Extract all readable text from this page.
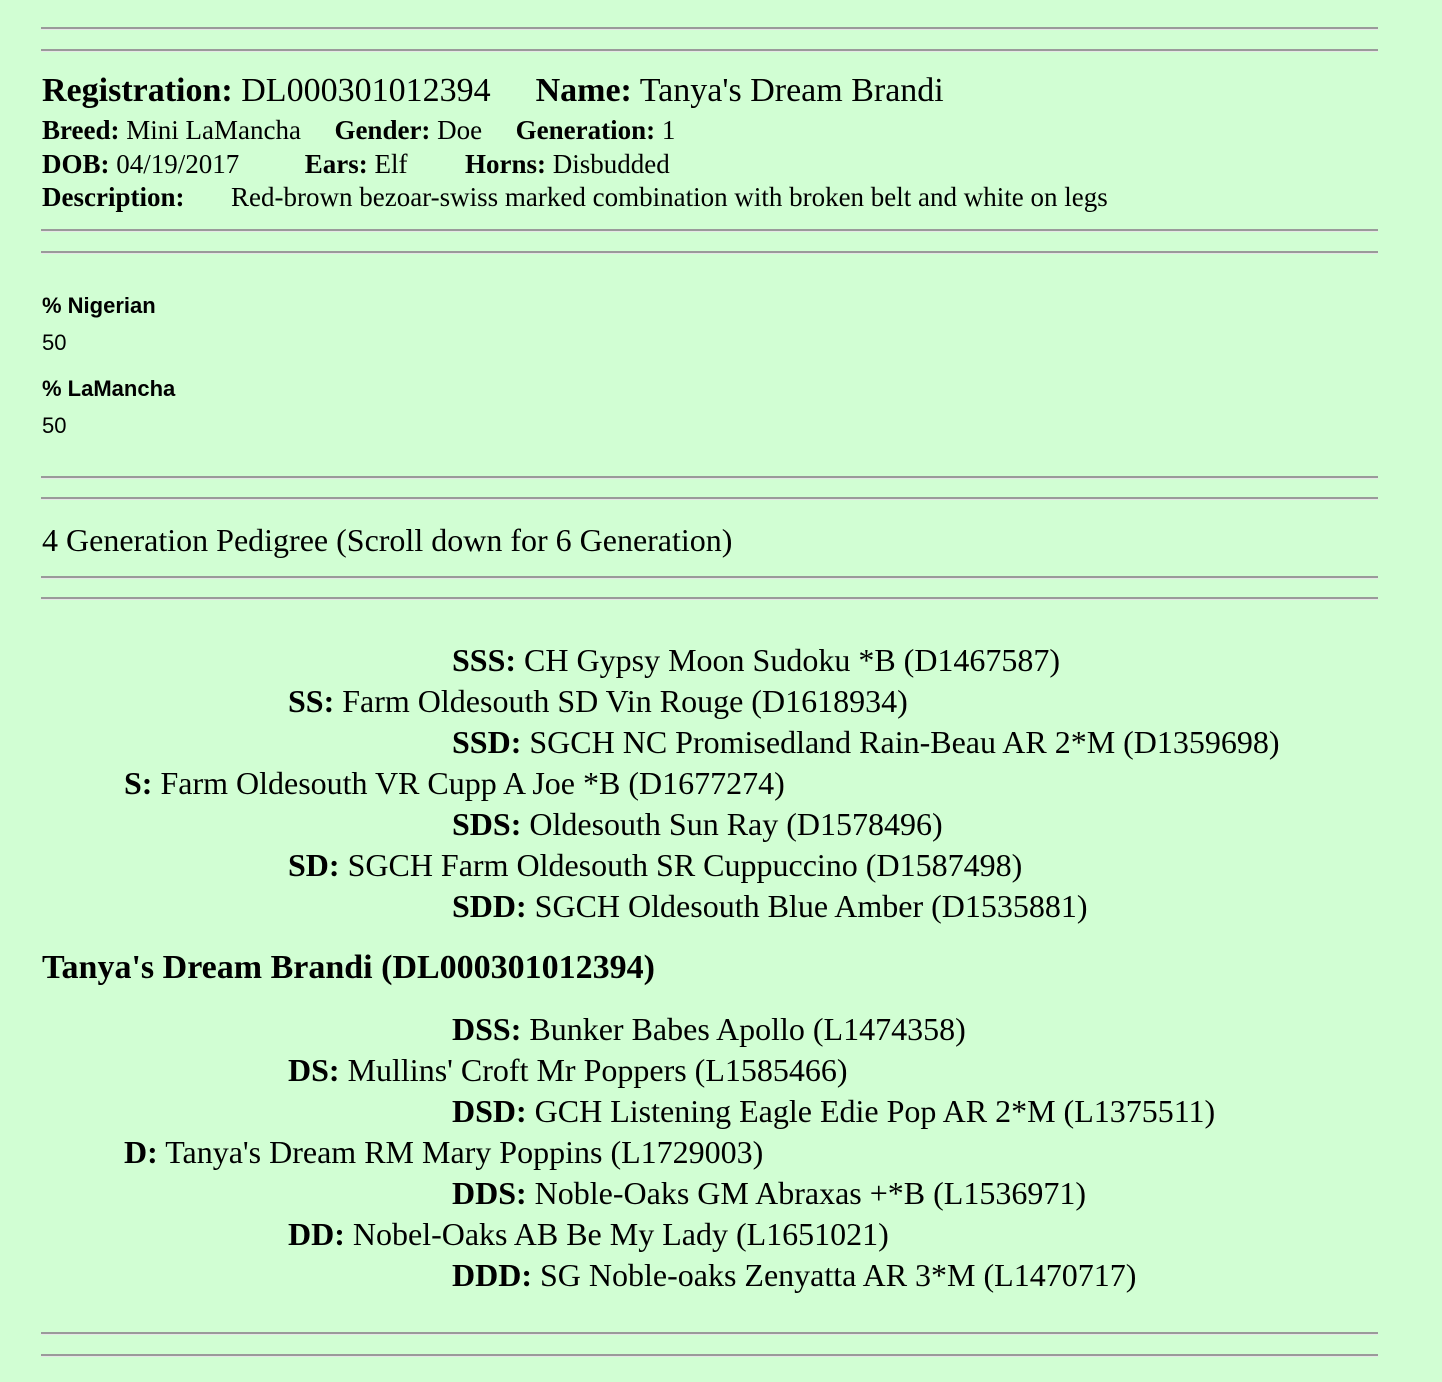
Registration: DL000301012394 Name: Tanya's Dream Brandi
Breed: Mini LaMancha Gender: Doe Generation: 1
DOB: 04/19/2017 Ears: Elf Horns: Disbudded
Description: Red-brown bezoar-swiss marked combination with broken belt and white on legs
% Nigerian
50
% LaMancha
50
4 Generation Pedigree (Scroll down for 6 Generation)
SSS: CH Gypsy Moon Sudoku *B (D1467587)
SS: Farm Oldesouth SD Vin Rouge (D1618934)
SSD: SGCH NC Promisedland Rain-Beau AR 2*M (D1359698)
S: Farm Oldesouth VR Cupp A Joe *B (D1677274)
SDS: Oldesouth Sun Ray (D1578496)
SD: SGCH Farm Oldesouth SR Cuppuccino (D1587498)
SDD: SGCH Oldesouth Blue Amber (D1535881)
Tanya's Dream Brandi (DL000301012394)
DSS: Bunker Babes Apollo (L1474358)
DS: Mullins' Croft Mr Poppers (L1585466)
DSD: GCH Listening Eagle Edie Pop AR 2*M (L1375511)
D: Tanya's Dream RM Mary Poppins (L1729003)
DDS: Noble-Oaks GM Abraxas +*B (L1536971)
DD: Nobel-Oaks AB Be My Lady (L1651021)
DDD: SG Noble-oaks Zenyatta AR 3*M (L1470717)
